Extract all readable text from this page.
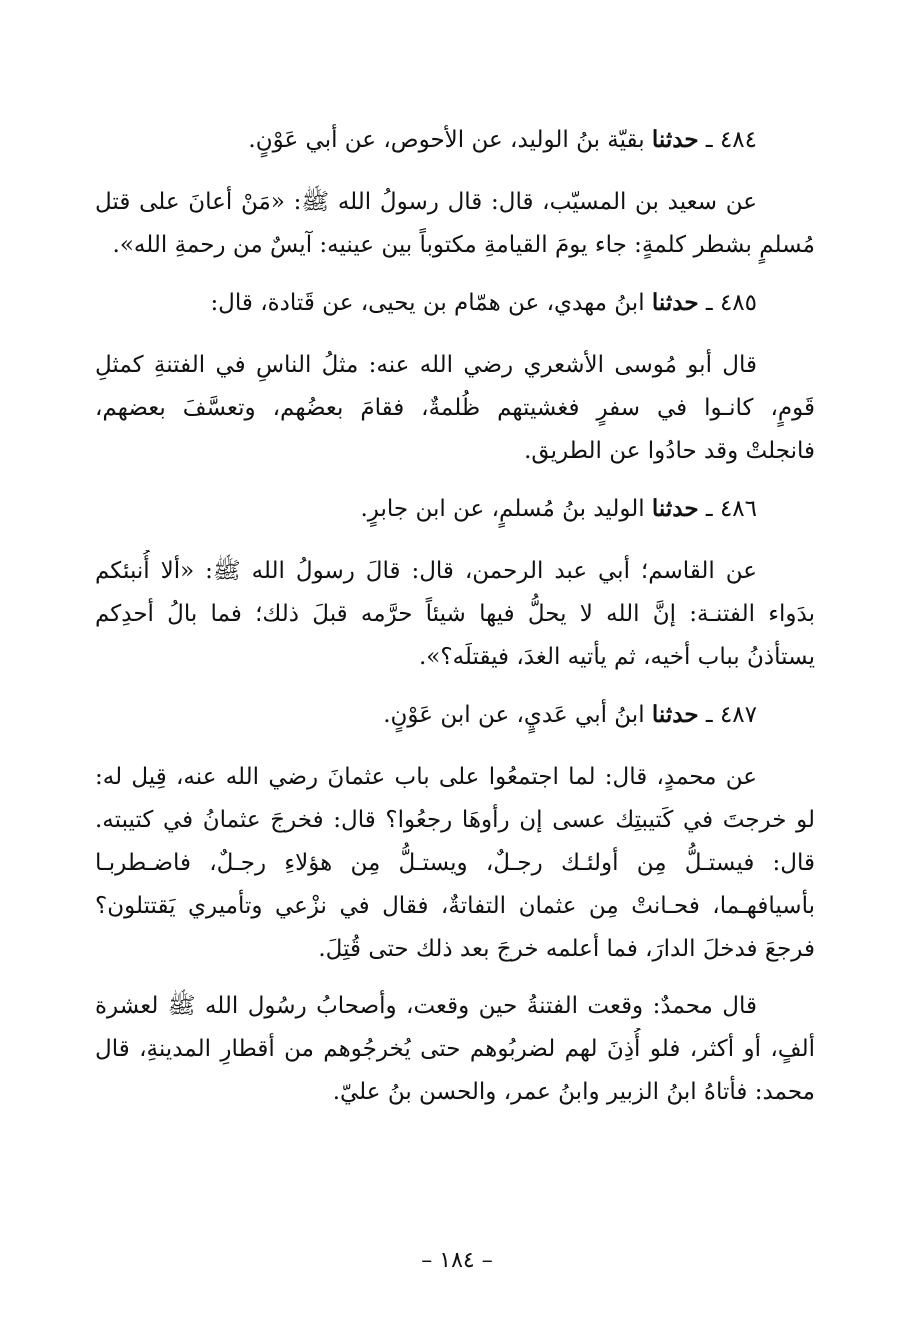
٤٨٤ ـ حدثنا بقيّة بنُ الوليد، عن الأحوص، عن أبي عَوْنٍ.
عن سعيد بن المسيّب، قال: قال رسولُ الله ﷺ: «مَنْ أعانَ على قتل
مُسلمٍ بشطر كلمةٍ: جاء يومَ القيامةِ مكتوباً بين عينيه: آيسٌ من رحمةِ الله».
٤٨٥ ـ حدثنا ابنُ مهدي، عن همّام بن يحيى، عن قَتادة، قال:
قال أبو مُوسى الأشعري رضي الله عنه: مثلُ الناسِ في الفتنةِ كمثلِ
قَومٍ، كانـوا في سفرٍ فغشيتهم ظُلمةٌ، فقامَ بعضُهم، وتعسَّفَ بعضهم،
فانجلتْ وقد حادُوا عن الطريق.
٤٨٦ ـ حدثنا الوليد بنُ مُسلمٍ، عن ابن جابرٍ.
عن القاسم؛ أبي عبد الرحمن، قال: قالَ رسولُ الله ﷺ: «ألا أُنبئكم
بدَواء الفتنـة: إنَّ الله لا يحلُّ فيها شيئاً حرَّمه قبلَ ذلك؛ فما بالُ أحدِكم
يستأذنُ بباب أخيه، ثم يأتيه الغدَ، فيقتلَه؟».
٤٨٧ ـ حدثنا ابنُ أبي عَديٍ، عن ابن عَوْنٍ.
عن محمدٍ، قال: لما اجتمعُوا على باب عثمانَ رضي الله عنه، قِيل له:
لو خرجتَ في كَتيبتِك عسى إن رأوهَا رجعُوا؟ قال: فخرجَ عثمانُ في كتيبته.
قال: فيستـلُّ مِن أولئـك رجـلٌ، ويستـلُّ مِن هؤلاءِ رجـلٌ، فاضـطربـا
بأسيافهـما، فحـانتْ مِن عثمان التفاتةٌ، فقال في نزْعي وتأميري يَقتتلون؟
فرجعَ فدخلَ الدارَ، فما أعلمه خرجَ بعد ذلك حتى قُتِلَ.
قال محمدٌ: وقعت الفتنةُ حين وقعت، وأصحابُ رسُول الله ﷺ لعشرة
ألفٍ، أو أكثر، فلو أُذِنَ لهم لضربُوهم حتى يُخرجُوهم من أقطارِ المدينةِ، قال
محمد: فأتاهُ ابنُ الزبير وابنُ عمر، والحسن بنُ عليّ.
– ١٨٤ –
